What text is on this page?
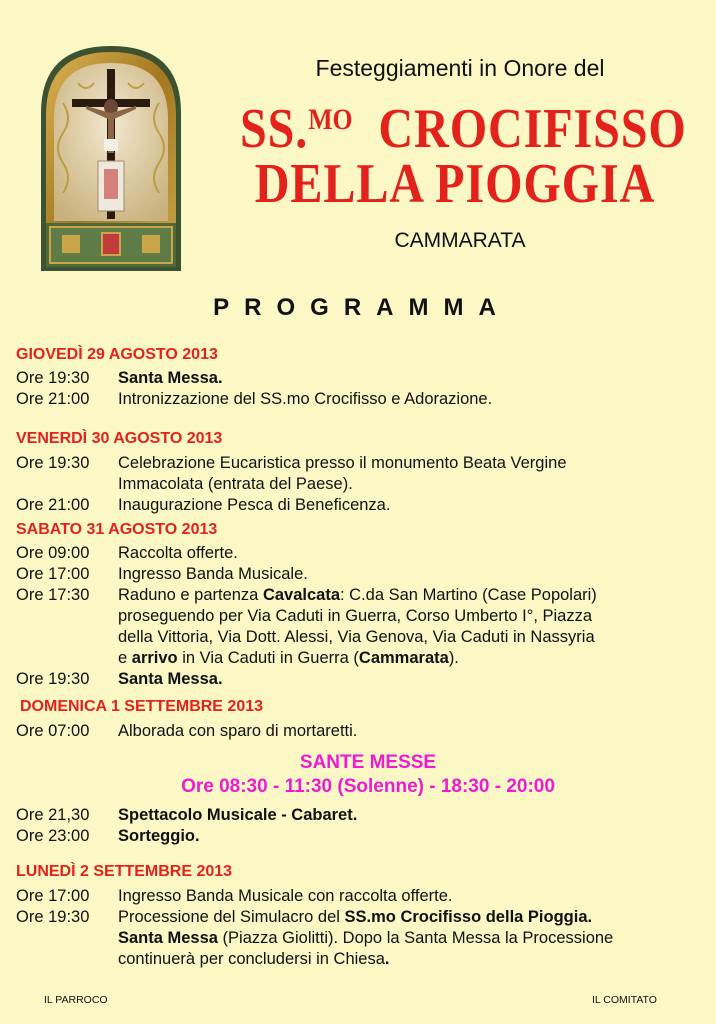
Festeggiamenti in Onore del
SS.$^{MO}$ CROCIFISSO
DELLA PIOGGIA
CAMMARATA
PROGRAMMA
GIOVEDÌ 29 AGOSTO 2013
Ore 19:30 Santa Messa.
Ore 21:00 Intronizzazione del SS.mo Crocifisso e Adorazione.
VENERDÌ 30 AGOSTO 2013
Ore 19:30 Celebrazione Eucaristica presso il monumento Beata Vergine
Immacolata (entrata del Paese).
Ore 21:00 Inaugurazione Pesca di Beneficenza.
SABATO 31 AGOSTO 2013
Ore 09:00 Raccolta offerte.
Ore 17:00 Ingresso Banda Musicale.
Ore 17:30 Raduno e partenza Cavalcata: C.da San Martino (Case Popolari)
proseguendo per Via Caduti in Guerra, Corso Umberto I°, Piazza
della Vittoria, Via Dott. Alessi, Via Genova, Via Caduti in Nassyria
e arrivo in Via Caduti in Guerra (Cammarata).
Ore 19:30 Santa Messa.
DOMENICA 1 SETTEMBRE 2013
Ore 07:00 Alborada con sparo di mortaretti.
SANTE MESSE
Ore 08:30 - 11:30 (Solenne) - 18:30 - 20:00
Ore 21,30 Spettacolo Musicale - Cabaret.
Ore 23:00 Sorteggio.
LUNEDÌ 2 SETTEMBRE 2013
Ore 17:00 Ingresso Banda Musicale con raccolta offerte.
Ore 19:30 Processione del Simulacro del SS.mo Crocifisso della Pioggia.
Santa Messa (Piazza Giolitti). Dopo la Santa Messa la Processione
continuerà per concludersi in Chiesa.
IL PARROCO	IL COMITATO
